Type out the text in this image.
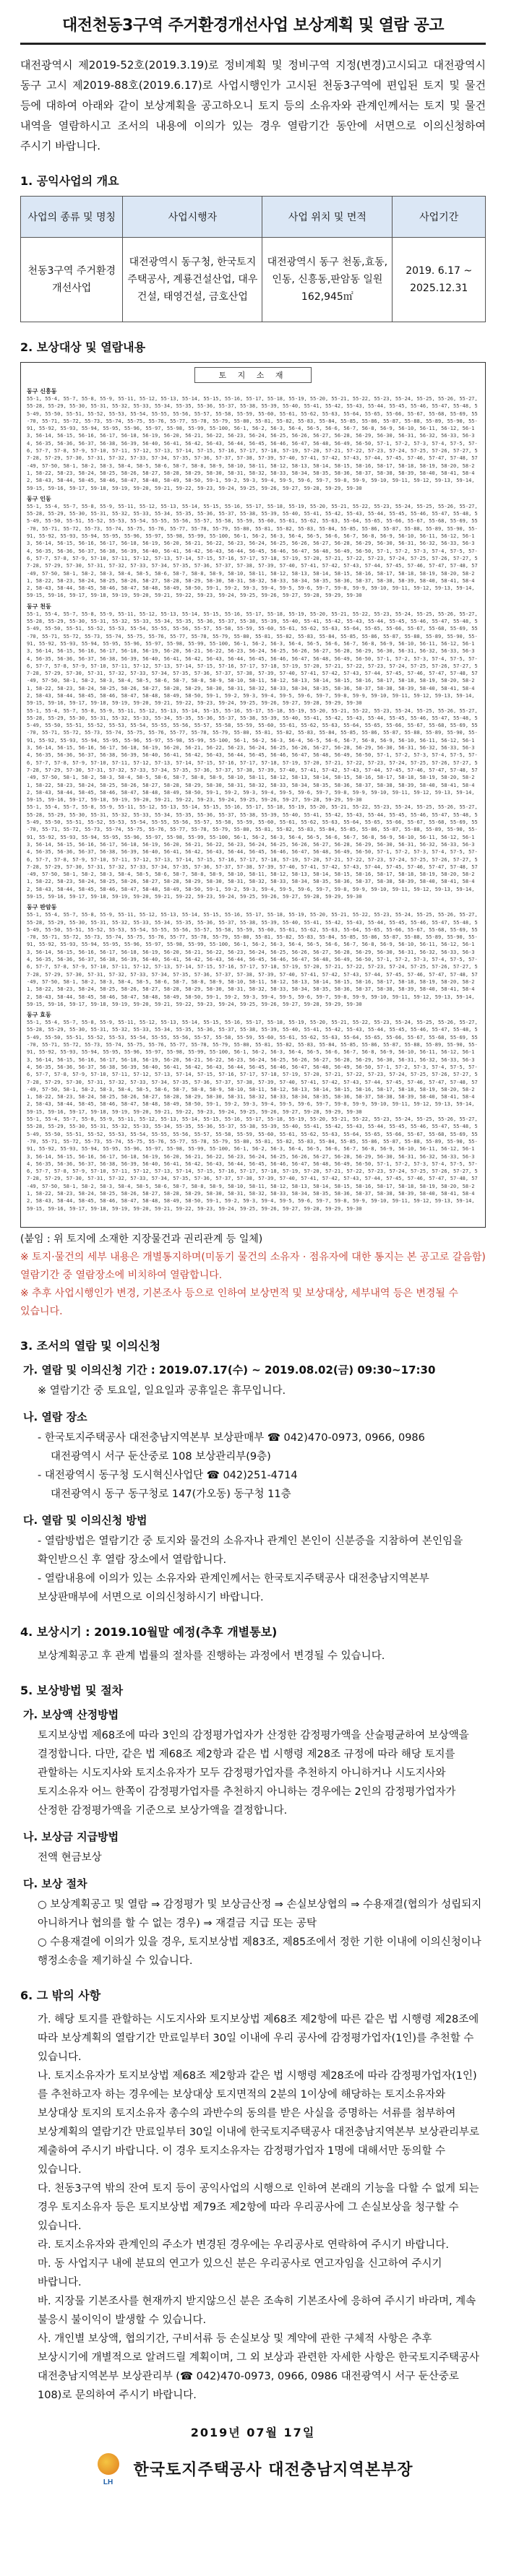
대전천동3구역 주거환경개선사업 보상계획 및 열람 공고
대전광역시 제2019-52호(2019.3.19)로 정비계획 및 정비구역 지정(변경)고시되고 대전광역시 동구 고시 제2019-88호(2019.6.17)로 사업시행인가 고시된 천동3구역에 편입된 토지 및 물건 등에 대하여 아래와 같이 보상계획을 공고하오니 토지 등의 소유자와 관계인께서는 토지 및 물건 내역을 열람하시고 조서의 내용에 이의가 있는 경우 열람기간 동안에 서면으로 이의신청하여 주시기 바랍니다.
1. 공익사업의 개요
사업의 종류 및 명칭	사업시행자	사업 위치 및 면적	사업기간
천동3구역 주거환경개선사업	대전광역시 동구청, 한국토지주택공사, 계룡건설산업, 대우건설, 태영건설, 금호산업	대전광역시 동구 천동,효동,인동, 신흥동,판암동 일원 162,945㎡	2019. 6.17 ~ 2025.12.31
2. 보상대상 및 열람내용
토 지 소 재
동구 신흥동
55-1, 55-4, 55-7, 55-8, 55-9, 55-11, 55-12, 55-13, 55-14, 55-15, 55-16, 55-17, 55-18, 55-19, 55-20, 55-21, 55-22, 55-23, 55-24, 55-25, 55-26, 55-27, 55-28, 55-29, 55-30, 55-31, 55-32, 55-33, 55-34, 55-35, 55-36, 55-37, 55-38, 55-39, 55-40, 55-41, 55-42, 55-43, 55-44, 55-45, 55-46, 55-47, 55-48, 55-49, 55-50, 55-51, 55-52, 55-53, 55-54, 55-55, 55-56, 55-57, 55-58, 55-59, 55-60, 55-61, 55-62, 55-63, 55-64, 55-65, 55-66, 55-67, 55-68, 55-69, 55-70, 55-71, 55-72, 55-73, 55-74, 55-75, 55-76, 55-77, 55-78, 55-79, 55-80, 55-81, 55-82, 55-83, 55-84, 55-85, 55-86, 55-87, 55-88, 55-89, 55-90, 55-91, 55-92, 55-93, 55-94, 55-95, 55-96, 55-97, 55-98, 55-99, 55-100, 56-1, 56-2, 56-3, 56-4, 56-5, 56-6, 56-7, 56-8, 56-9, 56-10, 56-11, 56-12, 56-13, 56-14, 56-15, 56-16, 56-17, 56-18, 56-19, 56-20, 56-21, 56-22, 56-23, 56-24, 56-25, 56-26, 56-27, 56-28, 56-29, 56-30, 56-31, 56-32, 56-33, 56-34, 56-35, 56-36, 56-37, 56-38, 56-39, 56-40, 56-41, 56-42, 56-43, 56-44, 56-45, 56-46, 56-47, 56-48, 56-49, 56-50, 57-1, 57-2, 57-3, 57-4, 57-5, 57-6, 57-7, 57-8, 57-9, 57-10, 57-11, 57-12, 57-13, 57-14, 57-15, 57-16, 57-17, 57-18, 57-19, 57-20, 57-21, 57-22, 57-23, 57-24, 57-25, 57-26, 57-27, 57-28, 57-29, 57-30, 57-31, 57-32, 57-33, 57-34, 57-35, 57-36, 57-37, 57-38, 57-39, 57-40, 57-41, 57-42, 57-43, 57-44, 57-45, 57-46, 57-47, 57-48, 57-49, 57-50, 58-1, 58-2, 58-3, 58-4, 58-5, 58-6, 58-7, 58-8, 58-9, 58-10, 58-11, 58-12, 58-13, 58-14, 58-15, 58-16, 58-17, 58-18, 58-19, 58-20, 58-21, 58-22, 58-23, 58-24, 58-25, 58-26, 58-27, 58-28, 58-29, 58-30, 58-31, 58-32, 58-33, 58-34, 58-35, 58-36, 58-37, 58-38, 58-39, 58-40, 58-41, 58-42, 58-43, 58-44, 58-45, 58-46, 58-47, 58-48, 58-49, 58-50, 59-1, 59-2, 59-3, 59-4, 59-5, 59-6, 59-7, 59-8, 59-9, 59-10, 59-11, 59-12, 59-13, 59-14, 59-15, 59-16, 59-17, 59-18, 59-19, 59-20, 59-21, 59-22, 59-23, 59-24, 59-25, 59-26, 59-27, 59-28, 59-29, 59-30
동구 인동
55-1, 55-4, 55-7, 55-8, 55-9, 55-11, 55-12, 55-13, 55-14, 55-15, 55-16, 55-17, 55-18, 55-19, 55-20, 55-21, 55-22, 55-23, 55-24, 55-25, 55-26, 55-27, 55-28, 55-29, 55-30, 55-31, 55-32, 55-33, 55-34, 55-35, 55-36, 55-37, 55-38, 55-39, 55-40, 55-41, 55-42, 55-43, 55-44, 55-45, 55-46, 55-47, 55-48, 55-49, 55-50, 55-51, 55-52, 55-53, 55-54, 55-55, 55-56, 55-57, 55-58, 55-59, 55-60, 55-61, 55-62, 55-63, 55-64, 55-65, 55-66, 55-67, 55-68, 55-69, 55-70, 55-71, 55-72, 55-73, 55-74, 55-75, 55-76, 55-77, 55-78, 55-79, 55-80, 55-81, 55-82, 55-83, 55-84, 55-85, 55-86, 55-87, 55-88, 55-89, 55-90, 55-91, 55-92, 55-93, 55-94, 55-95, 55-96, 55-97, 55-98, 55-99, 55-100, 56-1, 56-2, 56-3, 56-4, 56-5, 56-6, 56-7, 56-8, 56-9, 56-10, 56-11, 56-12, 56-13, 56-14, 56-15, 56-16, 56-17, 56-18, 56-19, 56-20, 56-21, 56-22, 56-23, 56-24, 56-25, 56-26, 56-27, 56-28, 56-29, 56-30, 56-31, 56-32, 56-33, 56-34, 56-35, 56-36, 56-37, 56-38, 56-39, 56-40, 56-41, 56-42, 56-43, 56-44, 56-45, 56-46, 56-47, 56-48, 56-49, 56-50, 57-1, 57-2, 57-3, 57-4, 57-5, 57-6, 57-7, 57-8, 57-9, 57-10, 57-11, 57-12, 57-13, 57-14, 57-15, 57-16, 57-17, 57-18, 57-19, 57-20, 57-21, 57-22, 57-23, 57-24, 57-25, 57-26, 57-27, 57-28, 57-29, 57-30, 57-31, 57-32, 57-33, 57-34, 57-35, 57-36, 57-37, 57-38, 57-39, 57-40, 57-41, 57-42, 57-43, 57-44, 57-45, 57-46, 57-47, 57-48, 57-49, 57-50, 58-1, 58-2, 58-3, 58-4, 58-5, 58-6, 58-7, 58-8, 58-9, 58-10, 58-11, 58-12, 58-13, 58-14, 58-15, 58-16, 58-17, 58-18, 58-19, 58-20, 58-21, 58-22, 58-23, 58-24, 58-25, 58-26, 58-27, 58-28, 58-29, 58-30, 58-31, 58-32, 58-33, 58-34, 58-35, 58-36, 58-37, 58-38, 58-39, 58-40, 58-41, 58-42, 58-43, 58-44, 58-45, 58-46, 58-47, 58-48, 58-49, 58-50, 59-1, 59-2, 59-3, 59-4, 59-5, 59-6, 59-7, 59-8, 59-9, 59-10, 59-11, 59-12, 59-13, 59-14, 59-15, 59-16, 59-17, 59-18, 59-19, 59-20, 59-21, 59-22, 59-23, 59-24, 59-25, 59-26, 59-27, 59-28, 59-29, 59-30
동구 천동
55-1, 55-4, 55-7, 55-8, 55-9, 55-11, 55-12, 55-13, 55-14, 55-15, 55-16, 55-17, 55-18, 55-19, 55-20, 55-21, 55-22, 55-23, 55-24, 55-25, 55-26, 55-27, 55-28, 55-29, 55-30, 55-31, 55-32, 55-33, 55-34, 55-35, 55-36, 55-37, 55-38, 55-39, 55-40, 55-41, 55-42, 55-43, 55-44, 55-45, 55-46, 55-47, 55-48, 55-49, 55-50, 55-51, 55-52, 55-53, 55-54, 55-55, 55-56, 55-57, 55-58, 55-59, 55-60, 55-61, 55-62, 55-63, 55-64, 55-65, 55-66, 55-67, 55-68, 55-69, 55-70, 55-71, 55-72, 55-73, 55-74, 55-75, 55-76, 55-77, 55-78, 55-79, 55-80, 55-81, 55-82, 55-83, 55-84, 55-85, 55-86, 55-87, 55-88, 55-89, 55-90, 55-91, 55-92, 55-93, 55-94, 55-95, 55-96, 55-97, 55-98, 55-99, 55-100, 56-1, 56-2, 56-3, 56-4, 56-5, 56-6, 56-7, 56-8, 56-9, 56-10, 56-11, 56-12, 56-13, 56-14, 56-15, 56-16, 56-17, 56-18, 56-19, 56-20, 56-21, 56-22, 56-23, 56-24, 56-25, 56-26, 56-27, 56-28, 56-29, 56-30, 56-31, 56-32, 56-33, 56-34, 56-35, 56-36, 56-37, 56-38, 56-39, 56-40, 56-41, 56-42, 56-43, 56-44, 56-45, 56-46, 56-47, 56-48, 56-49, 56-50, 57-1, 57-2, 57-3, 57-4, 57-5, 57-6, 57-7, 57-8, 57-9, 57-10, 57-11, 57-12, 57-13, 57-14, 57-15, 57-16, 57-17, 57-18, 57-19, 57-20, 57-21, 57-22, 57-23, 57-24, 57-25, 57-26, 57-27, 57-28, 57-29, 57-30, 57-31, 57-32, 57-33, 57-34, 57-35, 57-36, 57-37, 57-38, 57-39, 57-40, 57-41, 57-42, 57-43, 57-44, 57-45, 57-46, 57-47, 57-48, 57-49, 57-50, 58-1, 58-2, 58-3, 58-4, 58-5, 58-6, 58-7, 58-8, 58-9, 58-10, 58-11, 58-12, 58-13, 58-14, 58-15, 58-16, 58-17, 58-18, 58-19, 58-20, 58-21, 58-22, 58-23, 58-24, 58-25, 58-26, 58-27, 58-28, 58-29, 58-30, 58-31, 58-32, 58-33, 58-34, 58-35, 58-36, 58-37, 58-38, 58-39, 58-40, 58-41, 58-42, 58-43, 58-44, 58-45, 58-46, 58-47, 58-48, 58-49, 58-50, 59-1, 59-2, 59-3, 59-4, 59-5, 59-6, 59-7, 59-8, 59-9, 59-10, 59-11, 59-12, 59-13, 59-14, 59-15, 59-16, 59-17, 59-18, 59-19, 59-20, 59-21, 59-22, 59-23, 59-24, 59-25, 59-26, 59-27, 59-28, 59-29, 59-30
55-1, 55-4, 55-7, 55-8, 55-9, 55-11, 55-12, 55-13, 55-14, 55-15, 55-16, 55-17, 55-18, 55-19, 55-20, 55-21, 55-22, 55-23, 55-24, 55-25, 55-26, 55-27, 55-28, 55-29, 55-30, 55-31, 55-32, 55-33, 55-34, 55-35, 55-36, 55-37, 55-38, 55-39, 55-40, 55-41, 55-42, 55-43, 55-44, 55-45, 55-46, 55-47, 55-48, 55-49, 55-50, 55-51, 55-52, 55-53, 55-54, 55-55, 55-56, 55-57, 55-58, 55-59, 55-60, 55-61, 55-62, 55-63, 55-64, 55-65, 55-66, 55-67, 55-68, 55-69, 55-70, 55-71, 55-72, 55-73, 55-74, 55-75, 55-76, 55-77, 55-78, 55-79, 55-80, 55-81, 55-82, 55-83, 55-84, 55-85, 55-86, 55-87, 55-88, 55-89, 55-90, 55-91, 55-92, 55-93, 55-94, 55-95, 55-96, 55-97, 55-98, 55-99, 55-100, 56-1, 56-2, 56-3, 56-4, 56-5, 56-6, 56-7, 56-8, 56-9, 56-10, 56-11, 56-12, 56-13, 56-14, 56-15, 56-16, 56-17, 56-18, 56-19, 56-20, 56-21, 56-22, 56-23, 56-24, 56-25, 56-26, 56-27, 56-28, 56-29, 56-30, 56-31, 56-32, 56-33, 56-34, 56-35, 56-36, 56-37, 56-38, 56-39, 56-40, 56-41, 56-42, 56-43, 56-44, 56-45, 56-46, 56-47, 56-48, 56-49, 56-50, 57-1, 57-2, 57-3, 57-4, 57-5, 57-6, 57-7, 57-8, 57-9, 57-10, 57-11, 57-12, 57-13, 57-14, 57-15, 57-16, 57-17, 57-18, 57-19, 57-20, 57-21, 57-22, 57-23, 57-24, 57-25, 57-26, 57-27, 57-28, 57-29, 57-30, 57-31, 57-32, 57-33, 57-34, 57-35, 57-36, 57-37, 57-38, 57-39, 57-40, 57-41, 57-42, 57-43, 57-44, 57-45, 57-46, 57-47, 57-48, 57-49, 57-50, 58-1, 58-2, 58-3, 58-4, 58-5, 58-6, 58-7, 58-8, 58-9, 58-10, 58-11, 58-12, 58-13, 58-14, 58-15, 58-16, 58-17, 58-18, 58-19, 58-20, 58-21, 58-22, 58-23, 58-24, 58-25, 58-26, 58-27, 58-28, 58-29, 58-30, 58-31, 58-32, 58-33, 58-34, 58-35, 58-36, 58-37, 58-38, 58-39, 58-40, 58-41, 58-42, 58-43, 58-44, 58-45, 58-46, 58-47, 58-48, 58-49, 58-50, 59-1, 59-2, 59-3, 59-4, 59-5, 59-6, 59-7, 59-8, 59-9, 59-10, 59-11, 59-12, 59-13, 59-14, 59-15, 59-16, 59-17, 59-18, 59-19, 59-20, 59-21, 59-22, 59-23, 59-24, 59-25, 59-26, 59-27, 59-28, 59-29, 59-30
55-1, 55-4, 55-7, 55-8, 55-9, 55-11, 55-12, 55-13, 55-14, 55-15, 55-16, 55-17, 55-18, 55-19, 55-20, 55-21, 55-22, 55-23, 55-24, 55-25, 55-26, 55-27, 55-28, 55-29, 55-30, 55-31, 55-32, 55-33, 55-34, 55-35, 55-36, 55-37, 55-38, 55-39, 55-40, 55-41, 55-42, 55-43, 55-44, 55-45, 55-46, 55-47, 55-48, 55-49, 55-50, 55-51, 55-52, 55-53, 55-54, 55-55, 55-56, 55-57, 55-58, 55-59, 55-60, 55-61, 55-62, 55-63, 55-64, 55-65, 55-66, 55-67, 55-68, 55-69, 55-70, 55-71, 55-72, 55-73, 55-74, 55-75, 55-76, 55-77, 55-78, 55-79, 55-80, 55-81, 55-82, 55-83, 55-84, 55-85, 55-86, 55-87, 55-88, 55-89, 55-90, 55-91, 55-92, 55-93, 55-94, 55-95, 55-96, 55-97, 55-98, 55-99, 55-100, 56-1, 56-2, 56-3, 56-4, 56-5, 56-6, 56-7, 56-8, 56-9, 56-10, 56-11, 56-12, 56-13, 56-14, 56-15, 56-16, 56-17, 56-18, 56-19, 56-20, 56-21, 56-22, 56-23, 56-24, 56-25, 56-26, 56-27, 56-28, 56-29, 56-30, 56-31, 56-32, 56-33, 56-34, 56-35, 56-36, 56-37, 56-38, 56-39, 56-40, 56-41, 56-42, 56-43, 56-44, 56-45, 56-46, 56-47, 56-48, 56-49, 56-50, 57-1, 57-2, 57-3, 57-4, 57-5, 57-6, 57-7, 57-8, 57-9, 57-10, 57-11, 57-12, 57-13, 57-14, 57-15, 57-16, 57-17, 57-18, 57-19, 57-20, 57-21, 57-22, 57-23, 57-24, 57-25, 57-26, 57-27, 57-28, 57-29, 57-30, 57-31, 57-32, 57-33, 57-34, 57-35, 57-36, 57-37, 57-38, 57-39, 57-40, 57-41, 57-42, 57-43, 57-44, 57-45, 57-46, 57-47, 57-48, 57-49, 57-50, 58-1, 58-2, 58-3, 58-4, 58-5, 58-6, 58-7, 58-8, 58-9, 58-10, 58-11, 58-12, 58-13, 58-14, 58-15, 58-16, 58-17, 58-18, 58-19, 58-20, 58-21, 58-22, 58-23, 58-24, 58-25, 58-26, 58-27, 58-28, 58-29, 58-30, 58-31, 58-32, 58-33, 58-34, 58-35, 58-36, 58-37, 58-38, 58-39, 58-40, 58-41, 58-42, 58-43, 58-44, 58-45, 58-46, 58-47, 58-48, 58-49, 58-50, 59-1, 59-2, 59-3, 59-4, 59-5, 59-6, 59-7, 59-8, 59-9, 59-10, 59-11, 59-12, 59-13, 59-14, 59-15, 59-16, 59-17, 59-18, 59-19, 59-20, 59-21, 59-22, 59-23, 59-24, 59-25, 59-26, 59-27, 59-28, 59-29, 59-30
동구 판암동
55-1, 55-4, 55-7, 55-8, 55-9, 55-11, 55-12, 55-13, 55-14, 55-15, 55-16, 55-17, 55-18, 55-19, 55-20, 55-21, 55-22, 55-23, 55-24, 55-25, 55-26, 55-27, 55-28, 55-29, 55-30, 55-31, 55-32, 55-33, 55-34, 55-35, 55-36, 55-37, 55-38, 55-39, 55-40, 55-41, 55-42, 55-43, 55-44, 55-45, 55-46, 55-47, 55-48, 55-49, 55-50, 55-51, 55-52, 55-53, 55-54, 55-55, 55-56, 55-57, 55-58, 55-59, 55-60, 55-61, 55-62, 55-63, 55-64, 55-65, 55-66, 55-67, 55-68, 55-69, 55-70, 55-71, 55-72, 55-73, 55-74, 55-75, 55-76, 55-77, 55-78, 55-79, 55-80, 55-81, 55-82, 55-83, 55-84, 55-85, 55-86, 55-87, 55-88, 55-89, 55-90, 55-91, 55-92, 55-93, 55-94, 55-95, 55-96, 55-97, 55-98, 55-99, 55-100, 56-1, 56-2, 56-3, 56-4, 56-5, 56-6, 56-7, 56-8, 56-9, 56-10, 56-11, 56-12, 56-13, 56-14, 56-15, 56-16, 56-17, 56-18, 56-19, 56-20, 56-21, 56-22, 56-23, 56-24, 56-25, 56-26, 56-27, 56-28, 56-29, 56-30, 56-31, 56-32, 56-33, 56-34, 56-35, 56-36, 56-37, 56-38, 56-39, 56-40, 56-41, 56-42, 56-43, 56-44, 56-45, 56-46, 56-47, 56-48, 56-49, 56-50, 57-1, 57-2, 57-3, 57-4, 57-5, 57-6, 57-7, 57-8, 57-9, 57-10, 57-11, 57-12, 57-13, 57-14, 57-15, 57-16, 57-17, 57-18, 57-19, 57-20, 57-21, 57-22, 57-23, 57-24, 57-25, 57-26, 57-27, 57-28, 57-29, 57-30, 57-31, 57-32, 57-33, 57-34, 57-35, 57-36, 57-37, 57-38, 57-39, 57-40, 57-41, 57-42, 57-43, 57-44, 57-45, 57-46, 57-47, 57-48, 57-49, 57-50, 58-1, 58-2, 58-3, 58-4, 58-5, 58-6, 58-7, 58-8, 58-9, 58-10, 58-11, 58-12, 58-13, 58-14, 58-15, 58-16, 58-17, 58-18, 58-19, 58-20, 58-21, 58-22, 58-23, 58-24, 58-25, 58-26, 58-27, 58-28, 58-29, 58-30, 58-31, 58-32, 58-33, 58-34, 58-35, 58-36, 58-37, 58-38, 58-39, 58-40, 58-41, 58-42, 58-43, 58-44, 58-45, 58-46, 58-47, 58-48, 58-49, 58-50, 59-1, 59-2, 59-3, 59-4, 59-5, 59-6, 59-7, 59-8, 59-9, 59-10, 59-11, 59-12, 59-13, 59-14, 59-15, 59-16, 59-17, 59-18, 59-19, 59-20, 59-21, 59-22, 59-23, 59-24, 59-25, 59-26, 59-27, 59-28, 59-29, 59-30
동구 효동
55-1, 55-4, 55-7, 55-8, 55-9, 55-11, 55-12, 55-13, 55-14, 55-15, 55-16, 55-17, 55-18, 55-19, 55-20, 55-21, 55-22, 55-23, 55-24, 55-25, 55-26, 55-27, 55-28, 55-29, 55-30, 55-31, 55-32, 55-33, 55-34, 55-35, 55-36, 55-37, 55-38, 55-39, 55-40, 55-41, 55-42, 55-43, 55-44, 55-45, 55-46, 55-47, 55-48, 55-49, 55-50, 55-51, 55-52, 55-53, 55-54, 55-55, 55-56, 55-57, 55-58, 55-59, 55-60, 55-61, 55-62, 55-63, 55-64, 55-65, 55-66, 55-67, 55-68, 55-69, 55-70, 55-71, 55-72, 55-73, 55-74, 55-75, 55-76, 55-77, 55-78, 55-79, 55-80, 55-81, 55-82, 55-83, 55-84, 55-85, 55-86, 55-87, 55-88, 55-89, 55-90, 55-91, 55-92, 55-93, 55-94, 55-95, 55-96, 55-97, 55-98, 55-99, 55-100, 56-1, 56-2, 56-3, 56-4, 56-5, 56-6, 56-7, 56-8, 56-9, 56-10, 56-11, 56-12, 56-13, 56-14, 56-15, 56-16, 56-17, 56-18, 56-19, 56-20, 56-21, 56-22, 56-23, 56-24, 56-25, 56-26, 56-27, 56-28, 56-29, 56-30, 56-31, 56-32, 56-33, 56-34, 56-35, 56-36, 56-37, 56-38, 56-39, 56-40, 56-41, 56-42, 56-43, 56-44, 56-45, 56-46, 56-47, 56-48, 56-49, 56-50, 57-1, 57-2, 57-3, 57-4, 57-5, 57-6, 57-7, 57-8, 57-9, 57-10, 57-11, 57-12, 57-13, 57-14, 57-15, 57-16, 57-17, 57-18, 57-19, 57-20, 57-21, 57-22, 57-23, 57-24, 57-25, 57-26, 57-27, 57-28, 57-29, 57-30, 57-31, 57-32, 57-33, 57-34, 57-35, 57-36, 57-37, 57-38, 57-39, 57-40, 57-41, 57-42, 57-43, 57-44, 57-45, 57-46, 57-47, 57-48, 57-49, 57-50, 58-1, 58-2, 58-3, 58-4, 58-5, 58-6, 58-7, 58-8, 58-9, 58-10, 58-11, 58-12, 58-13, 58-14, 58-15, 58-16, 58-17, 58-18, 58-19, 58-20, 58-21, 58-22, 58-23, 58-24, 58-25, 58-26, 58-27, 58-28, 58-29, 58-30, 58-31, 58-32, 58-33, 58-34, 58-35, 58-36, 58-37, 58-38, 58-39, 58-40, 58-41, 58-42, 58-43, 58-44, 58-45, 58-46, 58-47, 58-48, 58-49, 58-50, 59-1, 59-2, 59-3, 59-4, 59-5, 59-6, 59-7, 59-8, 59-9, 59-10, 59-11, 59-12, 59-13, 59-14, 59-15, 59-16, 59-17, 59-18, 59-19, 59-20, 59-21, 59-22, 59-23, 59-24, 59-25, 59-26, 59-27, 59-28, 59-29, 59-30
55-1, 55-4, 55-7, 55-8, 55-9, 55-11, 55-12, 55-13, 55-14, 55-15, 55-16, 55-17, 55-18, 55-19, 55-20, 55-21, 55-22, 55-23, 55-24, 55-25, 55-26, 55-27, 55-28, 55-29, 55-30, 55-31, 55-32, 55-33, 55-34, 55-35, 55-36, 55-37, 55-38, 55-39, 55-40, 55-41, 55-42, 55-43, 55-44, 55-45, 55-46, 55-47, 55-48, 55-49, 55-50, 55-51, 55-52, 55-53, 55-54, 55-55, 55-56, 55-57, 55-58, 55-59, 55-60, 55-61, 55-62, 55-63, 55-64, 55-65, 55-66, 55-67, 55-68, 55-69, 55-70, 55-71, 55-72, 55-73, 55-74, 55-75, 55-76, 55-77, 55-78, 55-79, 55-80, 55-81, 55-82, 55-83, 55-84, 55-85, 55-86, 55-87, 55-88, 55-89, 55-90, 55-91, 55-92, 55-93, 55-94, 55-95, 55-96, 55-97, 55-98, 55-99, 55-100, 56-1, 56-2, 56-3, 56-4, 56-5, 56-6, 56-7, 56-8, 56-9, 56-10, 56-11, 56-12, 56-13, 56-14, 56-15, 56-16, 56-17, 56-18, 56-19, 56-20, 56-21, 56-22, 56-23, 56-24, 56-25, 56-26, 56-27, 56-28, 56-29, 56-30, 56-31, 56-32, 56-33, 56-34, 56-35, 56-36, 56-37, 56-38, 56-39, 56-40, 56-41, 56-42, 56-43, 56-44, 56-45, 56-46, 56-47, 56-48, 56-49, 56-50, 57-1, 57-2, 57-3, 57-4, 57-5, 57-6, 57-7, 57-8, 57-9, 57-10, 57-11, 57-12, 57-13, 57-14, 57-15, 57-16, 57-17, 57-18, 57-19, 57-20, 57-21, 57-22, 57-23, 57-24, 57-25, 57-26, 57-27, 57-28, 57-29, 57-30, 57-31, 57-32, 57-33, 57-34, 57-35, 57-36, 57-37, 57-38, 57-39, 57-40, 57-41, 57-42, 57-43, 57-44, 57-45, 57-46, 57-47, 57-48, 57-49, 57-50, 58-1, 58-2, 58-3, 58-4, 58-5, 58-6, 58-7, 58-8, 58-9, 58-10, 58-11, 58-12, 58-13, 58-14, 58-15, 58-16, 58-17, 58-18, 58-19, 58-20, 58-21, 58-22, 58-23, 58-24, 58-25, 58-26, 58-27, 58-28, 58-29, 58-30, 58-31, 58-32, 58-33, 58-34, 58-35, 58-36, 58-37, 58-38, 58-39, 58-40, 58-41, 58-42, 58-43, 58-44, 58-45, 58-46, 58-47, 58-48, 58-49, 58-50, 59-1, 59-2, 59-3, 59-4, 59-5, 59-6, 59-7, 59-8, 59-9, 59-10, 59-11, 59-12, 59-13, 59-14, 59-15, 59-16, 59-17, 59-18, 59-19, 59-20, 59-21, 59-22, 59-23, 59-24, 59-25, 59-26, 59-27, 59-28, 59-29, 59-30
(붙임 : 위 토지에 소재한 지장물건과 권리관계 등 일체)
※ 토지·물건의 세부 내용은 개별통지하며(미동기 물건의 소유자 · 점유자에 대한 통지는 본 공고로 갈음함) 열람기간 중 열람장소에 비치하여 열람합니다.
※ 추후 사업시행인가 변경, 기본조사 등으로 인하여 보상면적 및 보상대상, 세부내역 등은 변경될 수 있습니다.
3. 조서의 열람 및 이의신청
가. 열람 및 이의신청 기간 : 2019.07.17(수) ~ 2019.08.02(금) 09:30~17:30
※ 열람기간 중 토요일, 일요일과 공휴일은 휴무입니다.
나. 열람 장소
- 한국토지주택공사 대전충남지역본부 보상판매부 ☎ 042)470-0973, 0966, 0986
대전광역시 서구 둔산중로 108 보상관리부(9층)
- 대전광역시 동구청 도시혁신사업단 ☎ 042)251-4714
대전광역시 동구 동구청로 147(가오동) 동구청 11층
다. 열람 및 이의신청 방법
- 열람방법은 열람기간 중 토지와 물건의 소유자나 관계인 본인이 신분증을 지참하여 본인임을 확인받으신 후 열람 장소에서 열람합니다.
- 열람내용에 이의가 있는 소유자와 관계인께서는 한국토지주택공사 대전충남지역본부 보상판매부에 서면으로 이의신청하시기 바랍니다.
4. 보상시기 : 2019.10월말 예정(추후 개별통보)
보상계획공고 후 관계 법률의 절차를 진행하는 과정에서 변경될 수 있습니다.
5. 보상방법 및 절차
가. 보상액 산정방법
토지보상법 제68조에 따라 3인의 감정평가업자가 산정한 감정평가액을 산술평균하여 보상액을 결정합니다. 다만, 같은 법 제68조 제2항과 같은 법 시행령 제28조 규정에 따라 해당 토지를 관할하는 시도지사와 토지소유자가 모두 감정평가업자를 추천하지 아니하거나 시도지사와 토지소유자 어느 한쪽이 감정평가업자를 추천하지 아니하는 경우에는 2인의 감정평가업자가 산정한 감정평가액을 기준으로 보상가액을 결정합니다.
나. 보상금 지급방법
전액 현금보상
다. 보상 절차
○ 보상계획공고 및 열람 ⇒ 감정평가 및 보상금산정 ⇒ 손실보상협의 ⇒ 수용재결(협의가 성립되지 아니하거나 협의를 할 수 없는 경우) ⇒ 재결금 지급 또는 공탁
○ 수용재결에 이의가 있을 경우, 토지보상법 제83조, 제85조에서 정한 기한 이내에 이의신청이나 행정소송을 제기하실 수 있습니다.
6. 그 밖의 사항
가. 해당 토지를 관할하는 시도지사와 토지보상법 제68조 제2항에 따른 같은 법 시행령 제28조에 따라 보상계획의 열람기간 만료일부터 30일 이내에 우리 공사에 감정평가업자(1인)를 추천할 수 있습니다.
나. 토지소유자가 토지보상법 제68조 제2항과 같은 법 시행령 제28조에 따라 감정평가업자(1인)를 추천하고자 하는 경우에는 보상대상 토지면적의 2분의 1이상에 해당하는 토지소유자와 보상대상 토지의 토지소유자 총수의 과반수의 동의를 받은 사실을 증명하는 서류를 첨부하여 보상계획의 열람기간 만료일부터 30일 이내에 한국토지주택공사 대전충남지역본부 보상관리부로 제출하여 주시기 바랍니다. 이 경우 토지소유자는 감정평가업자 1명에 대해서만 동의할 수 있습니다.
다. 천동3구역 밖의 잔여 토지 등이 공익사업의 시행으로 인하여 본래의 기능을 다할 수 없게 되는 경우 토지소유자 등은 토지보상법 제79조 제2항에 따라 우리공사에 그 손실보상을 청구할 수 있습니다.
라. 토지소유자와 관계인의 주소가 변경된 경우에는 우리공사로 연락하여 주시기 바랍니다.
마. 동 사업지구 내에 분묘의 연고가 있으신 분은 우리공사로 연고자임을 신고하여 주시기 바랍니다.
바. 지장물 기본조사를 현재까지 받지않으신 분은 조속히 기본조사에 응하여 주시기 바라며, 계속 불응시 불이익이 발생할 수 있습니다.
사. 개인별 보상액, 협의기간, 구비서류 등 손실보상 및 계약에 관한 구체적 사항은 추후 보상시기에 개별적으로 알려드릴 계획이며, 그 외 보상과 관련한 자세한 사항은 한국토지주택공사 대전충남지역본부 보상관리부 (☎ 042)470-0973, 0966, 0986 대전광역시 서구 둔산중로 108)로 문의하여 주시기 바랍니다.
2019년 07월 17일
LH
한국토지주택공사 대전충남지역본부장
